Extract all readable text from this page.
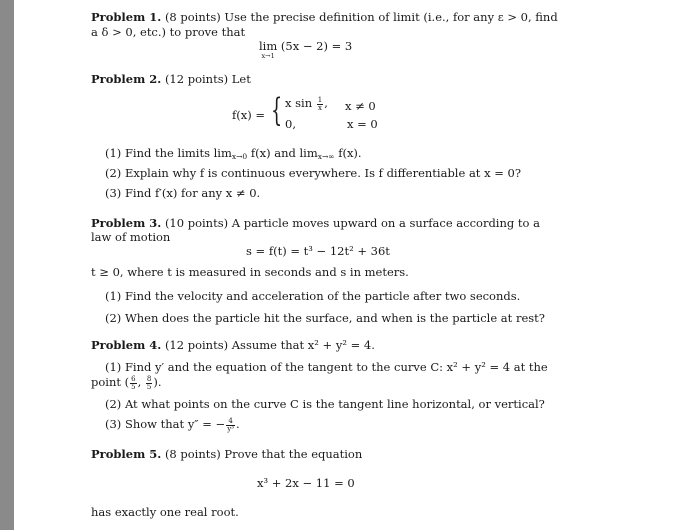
Problem 1. (8 points) Use the precise definition of limit (i.e., for any ε > 0, find
a δ > 0, etc.) to prove that
lim
x→1
(5x − 2) = 3
Problem 2. (12 points) Let
f(x) = { x $\sin \frac{1}{x}$ , x ≠ 0
0,	x = 0
(1) Find the limits $\lim_{x\to 0} f(x)$ and $\lim_{x\to\infty} f(x)$.
(2) Explain why f is continuous everywhere. Is f differentiable at x = 0?
(3) Find f′(x) for any x ≠ 0.
Problem 3. (10 points) A particle moves upward on a surface according to a
law of motion
s = f(t) = t³ − 12t² + 36t
t ≥ 0, where t is measured in seconds and s in meters.
(1) Find the velocity and acceleration of the particle after two seconds.
(2) When does the particle hit the surface, and when is the particle at rest?
Problem 4. (12 points) Assume that x² + y² = 4.
(1) Find y′ and the equation of the tangent to the curve C: x² + y² = 4 at the
point ( $\frac{6}{5}$ , $\frac{8}{5}$ ).
(2) At what points on the curve C is the tangent line horizontal, or vertical?
(3) Show that y″ = − $\frac{4}{\text{y³}}$ .
Problem 5. (8 points) Prove that the equation
x³ + 2x − 11 = 0
has exactly one real root.
